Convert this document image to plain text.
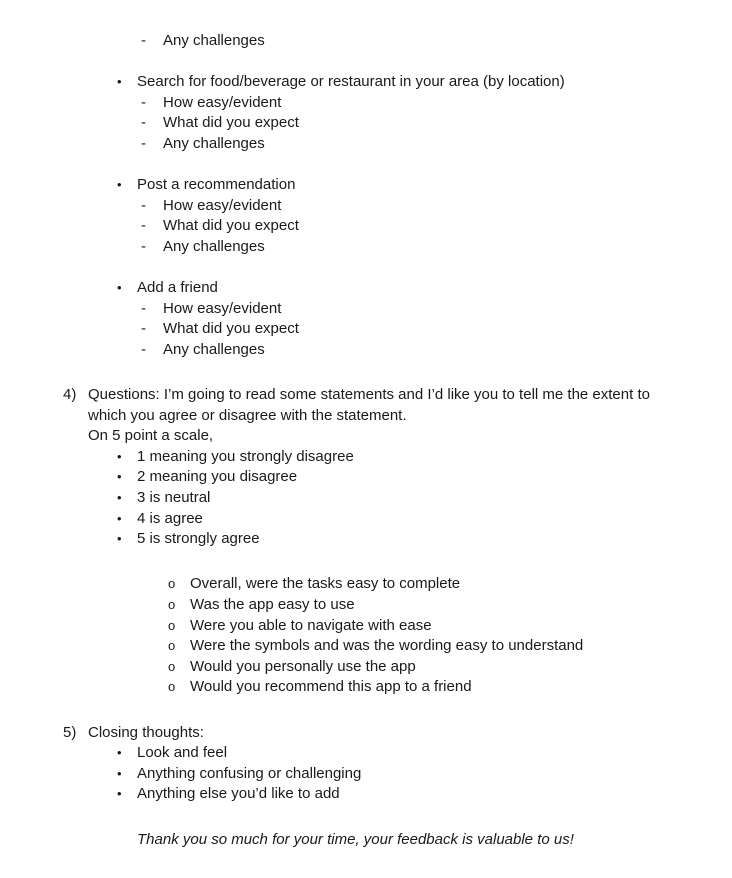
-	Any challenges
•	Search for food/beverage or restaurant in your area (by location)
-	How easy/evident
-	What did you expect
-	Any challenges
•	Post a recommendation
-	How easy/evident
-	What did you expect
-	Any challenges
•	Add a friend
-	How easy/evident
-	What did you expect
-	Any challenges
4) Questions: I’m going to read some statements and I’d like you to tell me the extent to
which you agree or disagree with the statement.
On 5 point a scale,
•	1 meaning you strongly disagree
•	2 meaning you disagree
•	3 is neutral
•	4 is agree
•	5 is strongly agree
o Overall, were the tasks easy to complete
o Was the app easy to use
o Were you able to navigate with ease
o Were the symbols and was the wording easy to understand
o Would you personally use the app
o Would you recommend this app to a friend
5) Closing thoughts:
•	Look and feel
•	Anything confusing or challenging
•	Anything else you’d like to add
Thank you so much for your time, your feedback is valuable to us!
